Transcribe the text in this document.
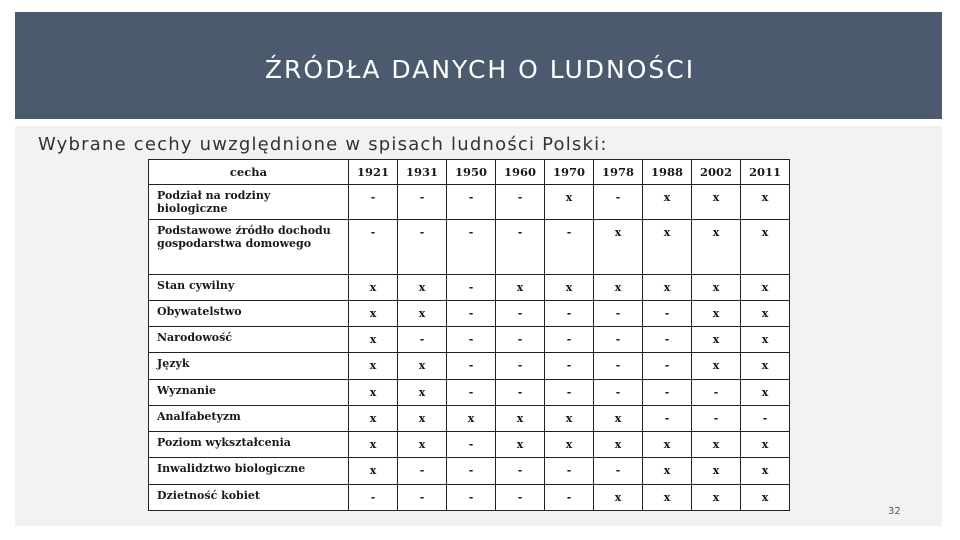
ŹRÓDŁA DANYCH O LUDNOŚCI
Wybrane cechy uwzględnione w spisach ludności Polski:
cecha	1921	1931	1950	1960	1970	1978	1988	2002	2011
Podział na rodziny biologiczne	-	-	-	-	x	-	x	x	x
Podstawowe źródło dochodu gospodarstwa domowego	-	-	-	-	-	x	x	x	x
Stan cywilny	x	x	-	x	x	x	x	x	x
Obywatelstwo	x	x	-	-	-	-	-	x	x
Narodowość	x	-	-	-	-	-	-	x	x
Język	x	x	-	-	-	-	-	x	x
Wyznanie	x	x	-	-	-	-	-	-	x
Analfabetyzm	x	x	x	x	x	x	-	-	-
Poziom wykształcenia	x	x	-	x	x	x	x	x	x
Inwalidztwo biologiczne	x	-	-	-	-	-	x	x	x
Dzietność kobiet	-	-	-	-	-	x	x	x	x
32
